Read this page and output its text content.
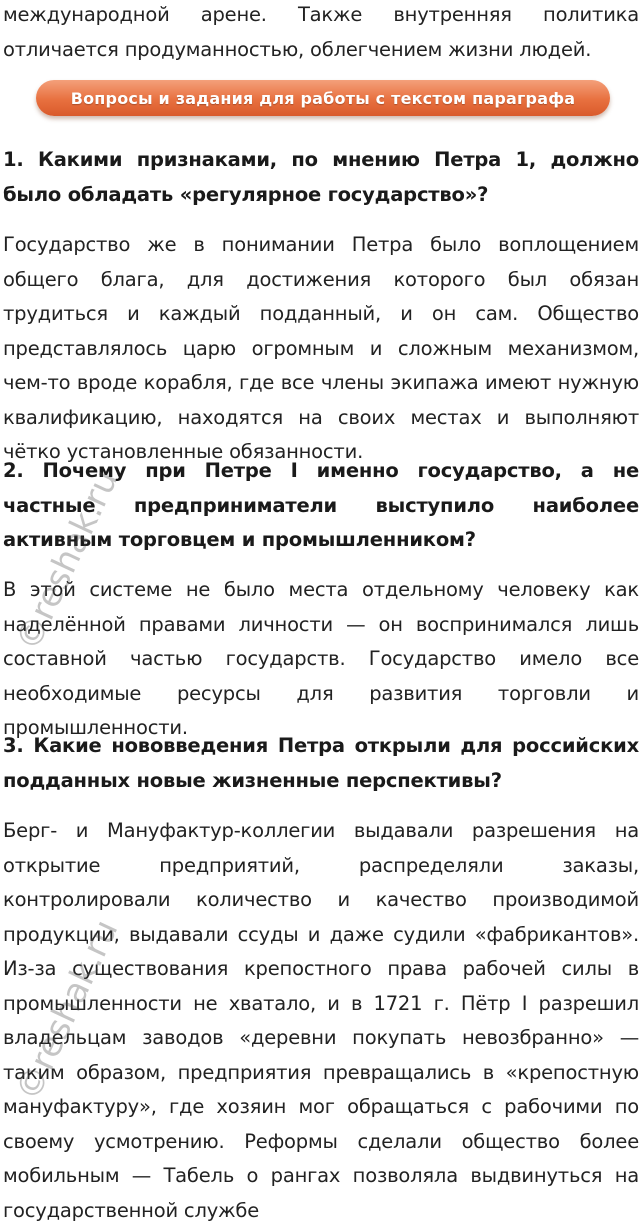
международной арене. Также внутренняя политика отличается продуманностью, облегчением жизни людей.
Вопросы и задания для работы с текстом параграфа
1. Какими признаками, по мнению Петра 1, должно было обладать «регулярное государство»?
Государство же в понимании Петра было воплощением общего блага, для достижения которого был обязан трудиться и каждый подданный, и он сам. Общество представлялось царю огромным и сложным механизмом, чем-то вроде корабля, где все члены экипажа имеют нужную квалификацию, находятся на своих местах и выполняют чётко установленные обязанности.
2. Почему при Петре I именно государство, а не частные предприниматели выступило наиболее активным торговцем и промышленником?
В этой системе не было места отдельному человеку как наделённой правами личности — он воспринимался лишь составной частью государств. Государство имело все необходимые ресурсы для развития торговли и промышленности.
3. Какие нововведения Петра открыли для российских подданных новые жизненные перспективы?
Берг- и Мануфактур-коллегии выдавали разрешения на открытие предприятий, распределяли заказы, контролировали количество и качество производимой продукции, выдавали ссуды и даже судили «фабрикантов». Из-за существования крепостного права рабочей силы в промышленности не хватало, и в 1721 г. Пётр I разрешил владельцам заводов «деревни покупать невозбранно» — таким образом, предприятия превращались в «крепостную мануфактуру», где хозяин мог обращаться с рабочими по своему усмотрению. Реформы сделали общество более мобильным — Табель о рангах позволяла выдвинуться на государственной службе
©reshak.ru
©reshak.ru
